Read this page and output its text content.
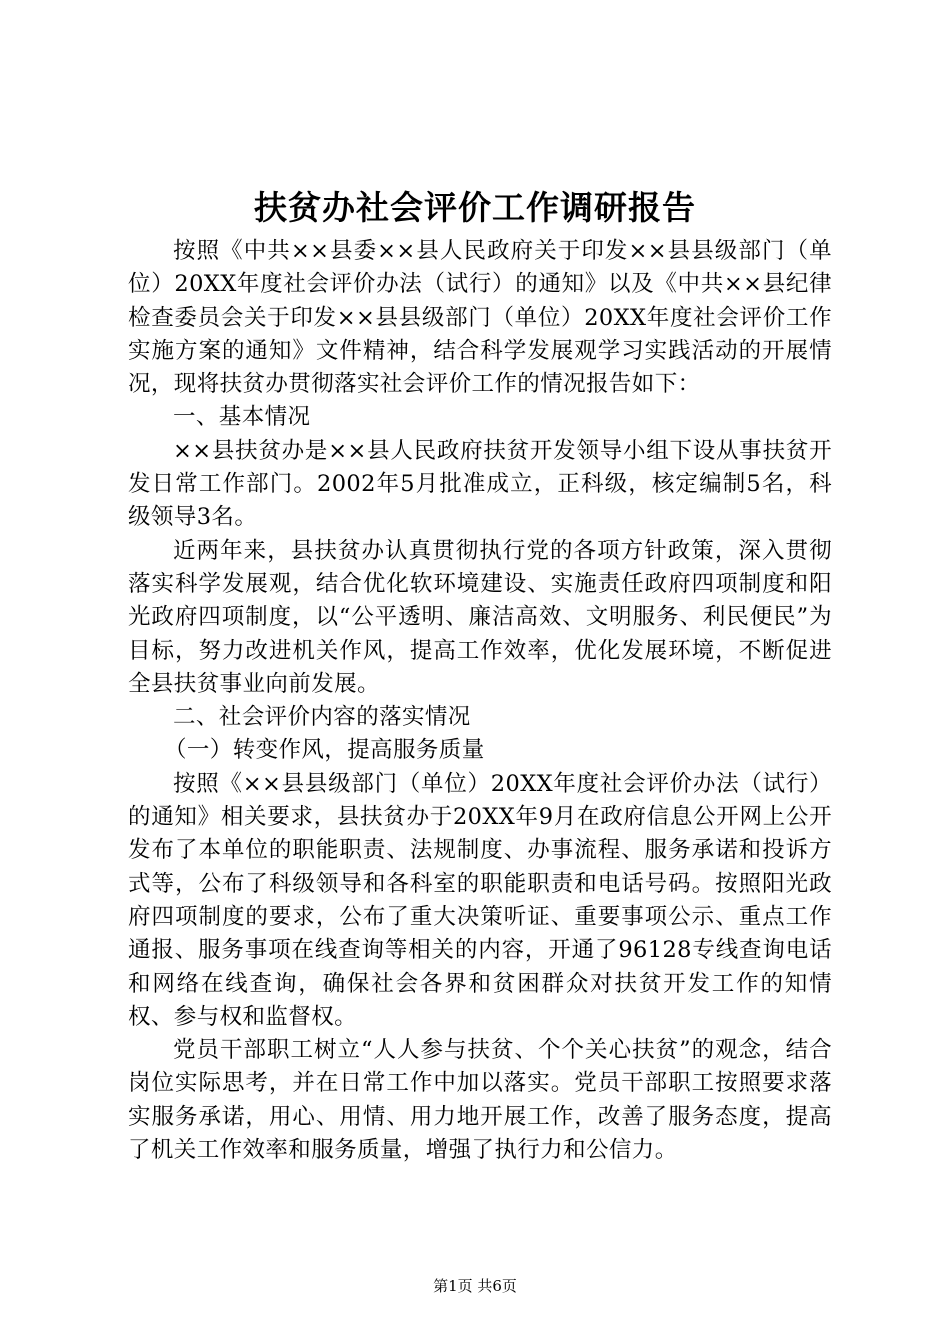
扶贫办社会评价工作调研报告

按照《中共××县委××县人民政府关于印发××县县级部门（单位）20XX年度社会评价办法（试行）的通知》以及《中共××县纪律检查委员会关于印发××县县级部门（单位）20XX年度社会评价工作实施方案的通知》文件精神，结合科学发展观学习实践活动的开展情况，现将扶贫办贯彻落实社会评价工作的情况报告如下：

一、基本情况

××县扶贫办是××县人民政府扶贫开发领导小组下设从事扶贫开发日常工作部门。2002年5月批准成立，正科级，核定编制5名，科级领导3名。

近两年来，县扶贫办认真贯彻执行党的各项方针政策，深入贯彻落实科学发展观，结合优化软环境建设、实施责任政府四项制度和阳光政府四项制度，以“公平透明、廉洁高效、文明服务、利民便民”为目标，努力改进机关作风，提高工作效率，优化发展环境，不断促进全县扶贫事业向前发展。

二、社会评价内容的落实情况

（一）转变作风，提高服务质量

按照《××县县级部门（单位）20XX年度社会评价办法（试行）的通知》相关要求，县扶贫办于20XX年9月在政府信息公开网上公开发布了本单位的职能职责、法规制度、办事流程、服务承诺和投诉方式等，公布了科级领导和各科室的职能职责和电话号码。按照阳光政府四项制度的要求，公布了重大决策听证、重要事项公示、重点工作通报、服务事项在线查询等相关的内容，开通了96128专线查询电话和网络在线查询，确保社会各界和贫困群众对扶贫开发工作的知情权、参与权和监督权。

党员干部职工树立“人人参与扶贫、个个关心扶贫”的观念，结合岗位实际思考，并在日常工作中加以落实。党员干部职工按照要求落实服务承诺，用心、用情、用力地开展工作，改善了服务态度，提高了机关工作效率和服务质量，增强了执行力和公信力。

第1页 共6页
